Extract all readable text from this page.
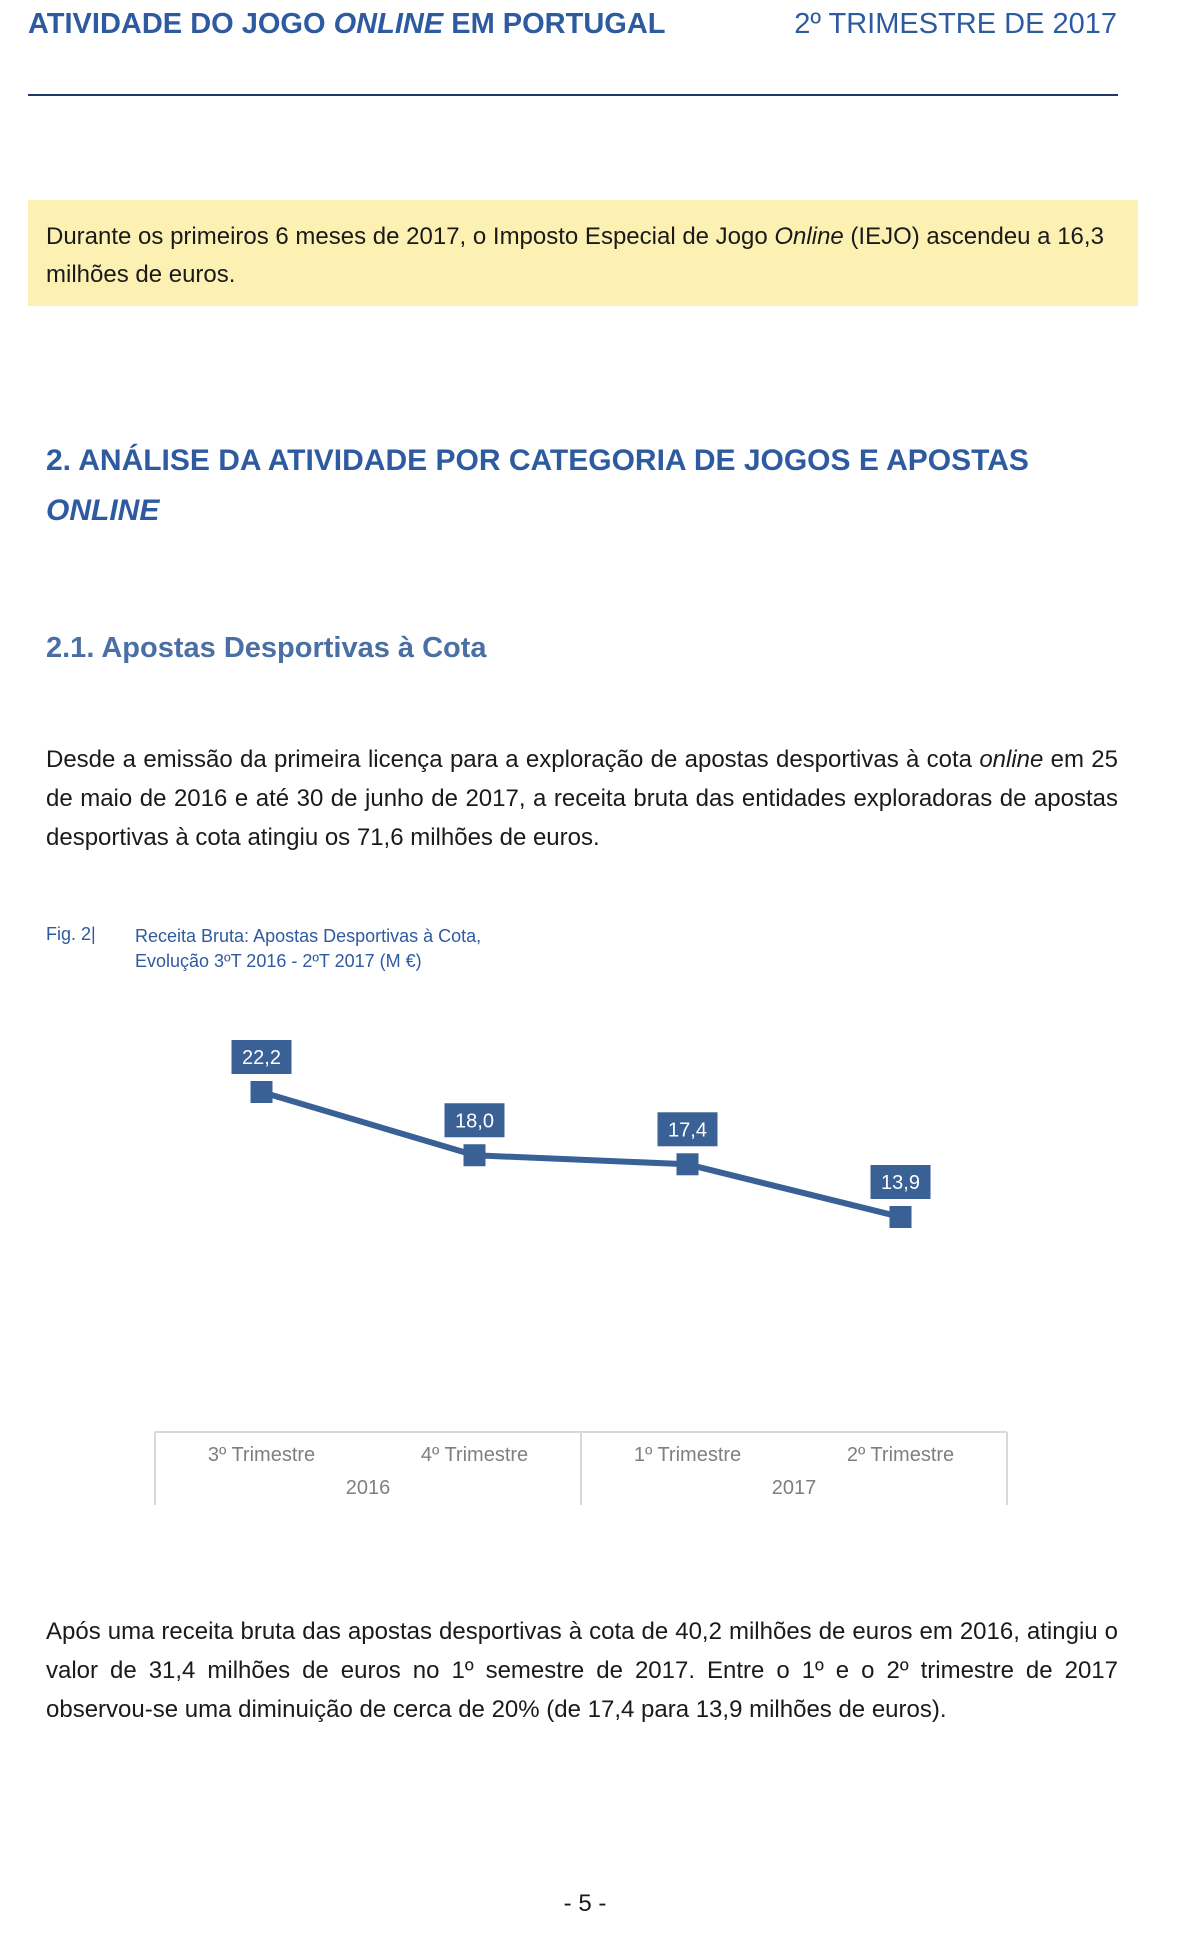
ATIVIDADE DO JOGO ONLINE EM PORTUGAL	2º TRIMESTRE DE 2017
Durante os primeiros 6 meses de 2017, o Imposto Especial de Jogo Online (IEJO) ascendeu a 16,3 milhões de euros.
2. ANÁLISE DA ATIVIDADE POR CATEGORIA DE JOGOS E APOSTAS
ONLINE
2.1. Apostas Desportivas à Cota
Desde a emissão da primeira licença para a exploração de apostas desportivas à cota online em 25 de maio de 2016 e até 30 de junho de 2017, a receita bruta das entidades exploradoras de apostas desportivas à cota atingiu os 71,6 milhões de euros.
Fig. 2| Receita Bruta: Apostas Desportivas à Cota,
Evolução 3ºT 2016 - 2ºT 2017 (M €)
2016	2017
3º Trimestre	4º Trimestre	1º Trimestre	2º Trimestre
22,2
18,0	17,4
13,9
Após uma receita bruta das apostas desportivas à cota de 40,2 milhões de euros em 2016, atingiu o valor de 31,4 milhões de euros no 1º semestre de 2017. Entre o 1º e o 2º trimestre de 2017 observou-se uma diminuição de cerca de 20% (de 17,4 para 13,9 milhões de euros).
- 5 -
